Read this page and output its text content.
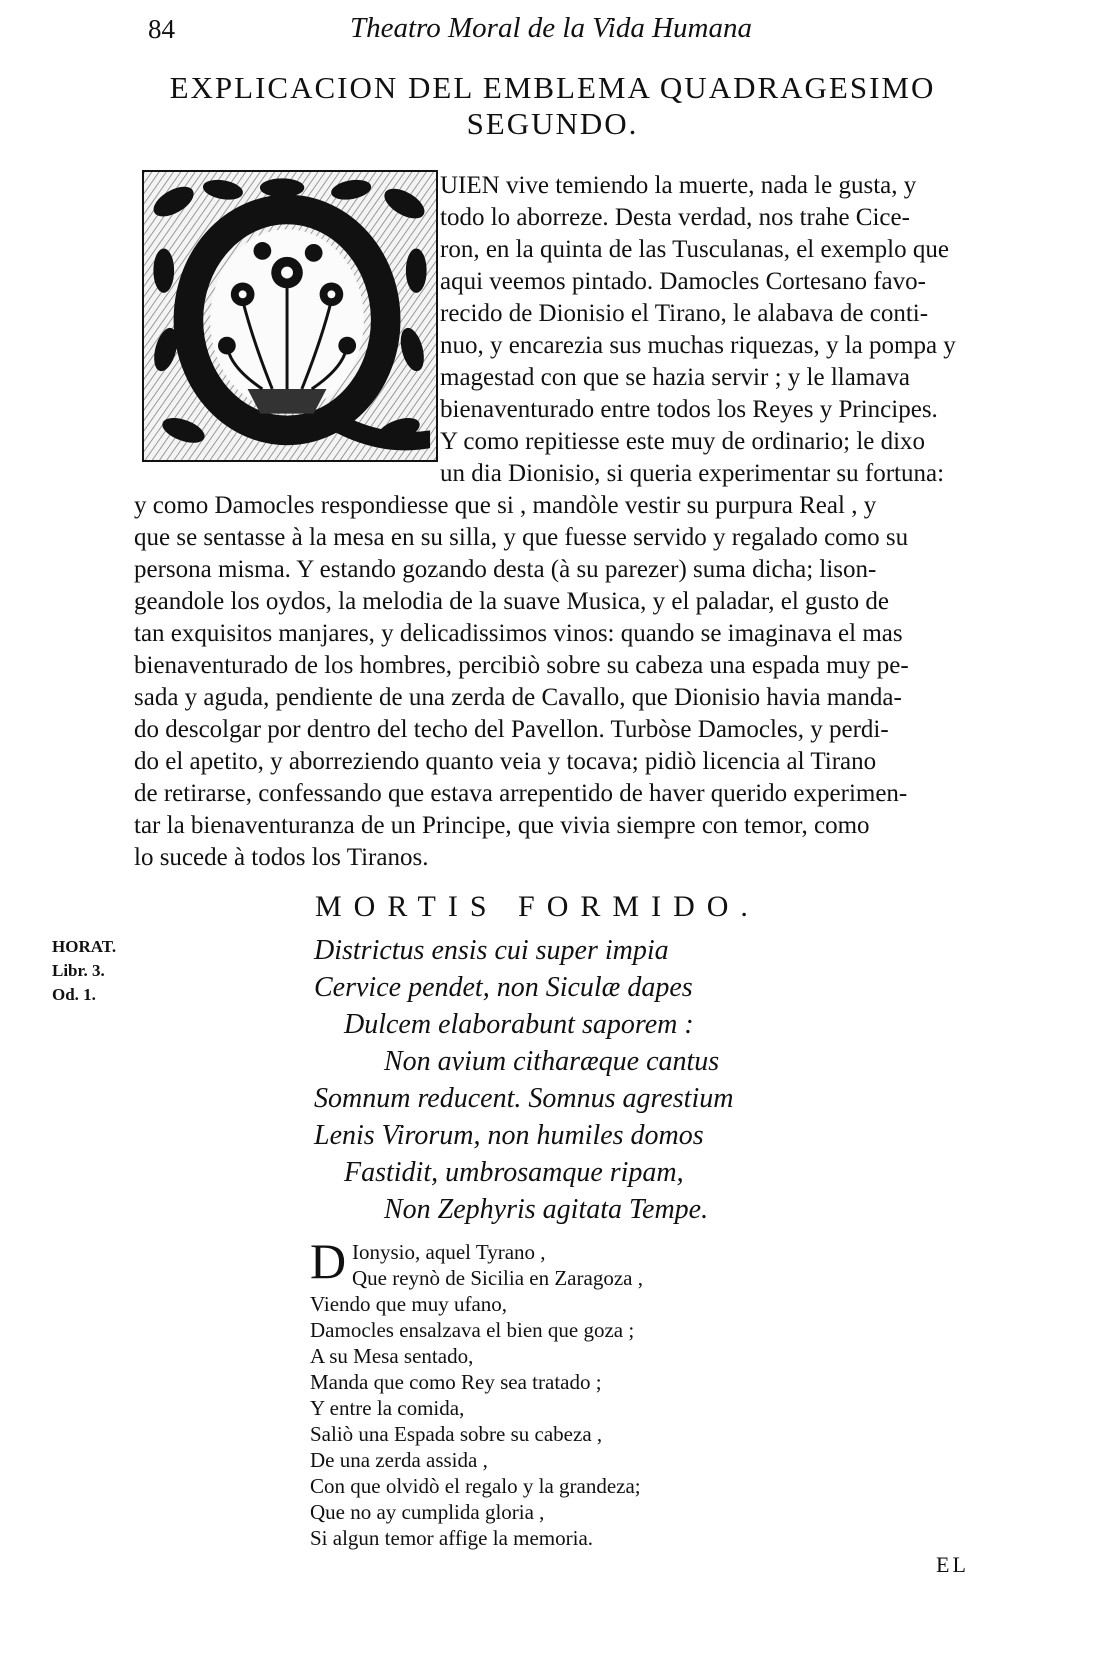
84	Theatro Moral de la Vida Humana
EXPLICACION DEL EMBLEMA QUADRAGESIMO
SEGUNDO.
UIEN vive temiendo la muerte, nada le gusta, y
todo lo aborreze. Desta verdad, nos trahe Cice-
ron, en la quinta de las Tusculanas, el exemplo que
aqui veemos pintado. Damocles Cortesano favo-
recido de Dionisio el Tirano, le alabava de conti-
nuo, y encarezia sus muchas riquezas, y la pompa y
magestad con que se hazia servir ; y le llamava
bienaventurado entre todos los Reyes y Principes.
Y como repitiesse este muy de ordinario; le dixo
un dia Dionisio, si queria experimentar su fortuna:
y como Damocles respondiesse que si , mandòle vestir su purpura Real , y
que se sentasse à la mesa en su silla, y que fuesse servido y regalado como su
persona misma. Y estando gozando desta (à su parezer) suma dicha; lison-
geandole los oydos, la melodia de la suave Musica, y el paladar, el gusto de
tan exquisitos manjares, y delicadissimos vinos: quando se imaginava el mas
bienaventurado de los hombres, percibiò sobre su cabeza una espada muy pe-
sada y aguda, pendiente de una zerda de Cavallo, que Dionisio havia manda-
do descolgar por dentro del techo del Pavellon. Turbòse Damocles, y perdi-
do el apetito, y aborreziendo quanto veia y tocava; pidiò licencia al Tirano
de retirarse, confessando que estava arrepentido de haver querido experimen-
tar la bienaventuranza de un Principe, que vivia siempre con temor, como
lo sucede à todos los Tiranos.
MORTIS FORMIDO.
HORAT.
Libr. 3.
Od. 1.
Districtus ensis cui super impia
Cervice pendet, non Siculæ dapes
Dulcem elaborabunt saporem :
Non avium citharæque cantus
Somnum reducent. Somnus agrestium
Lenis Virorum, non humiles domos
Fastidit, umbrosamque ripam,
Non Zephyris agitata Tempe.
D Ionysio, aquel Tyrano ,
Que reynò de Sicilia en Zaragoza ,
Viendo que muy ufano,
Damocles ensalzava el bien que goza ;
A su Mesa sentado,
Manda que como Rey sea tratado ;
Y entre la comida,
Saliò una Espada sobre su cabeza ,
De una zerda assida ,
Con que olvidò el regalo y la grandeza;
Que no ay cumplida gloria ,
Si algun temor affige la memoria.
EL
